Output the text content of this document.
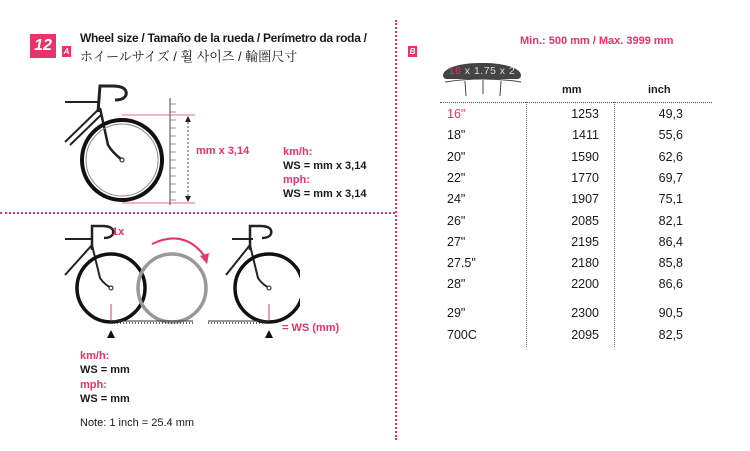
12	A
Wheel size / Tamaño de la rueda / Perímetro da roda /
ホイールサイズ / 휠 사이즈 / 輪圏尺寸
mm x 3,14	km/h:
WS = mm x 3,14
mph:
WS = mm x 3,14
1x
= WS (mm)
km/h:
WS = mm
mph:
WS = mm
Note: 1 inch = 25.4 mm
B
Min.: 500 mm / Max. 3999 mm
16 x 1.75 x 2
mm	inch
16"	1253	49,3
18"	1411	55,6
20"	1590	62,6
22"	1770	69,7
24"	1907	75,1
26"	2085	82,1
27"	2195	86,4
27.5"	2180	85,8
28"	2200	86,6
29"	2300	90,5
700C	2095	82,5
